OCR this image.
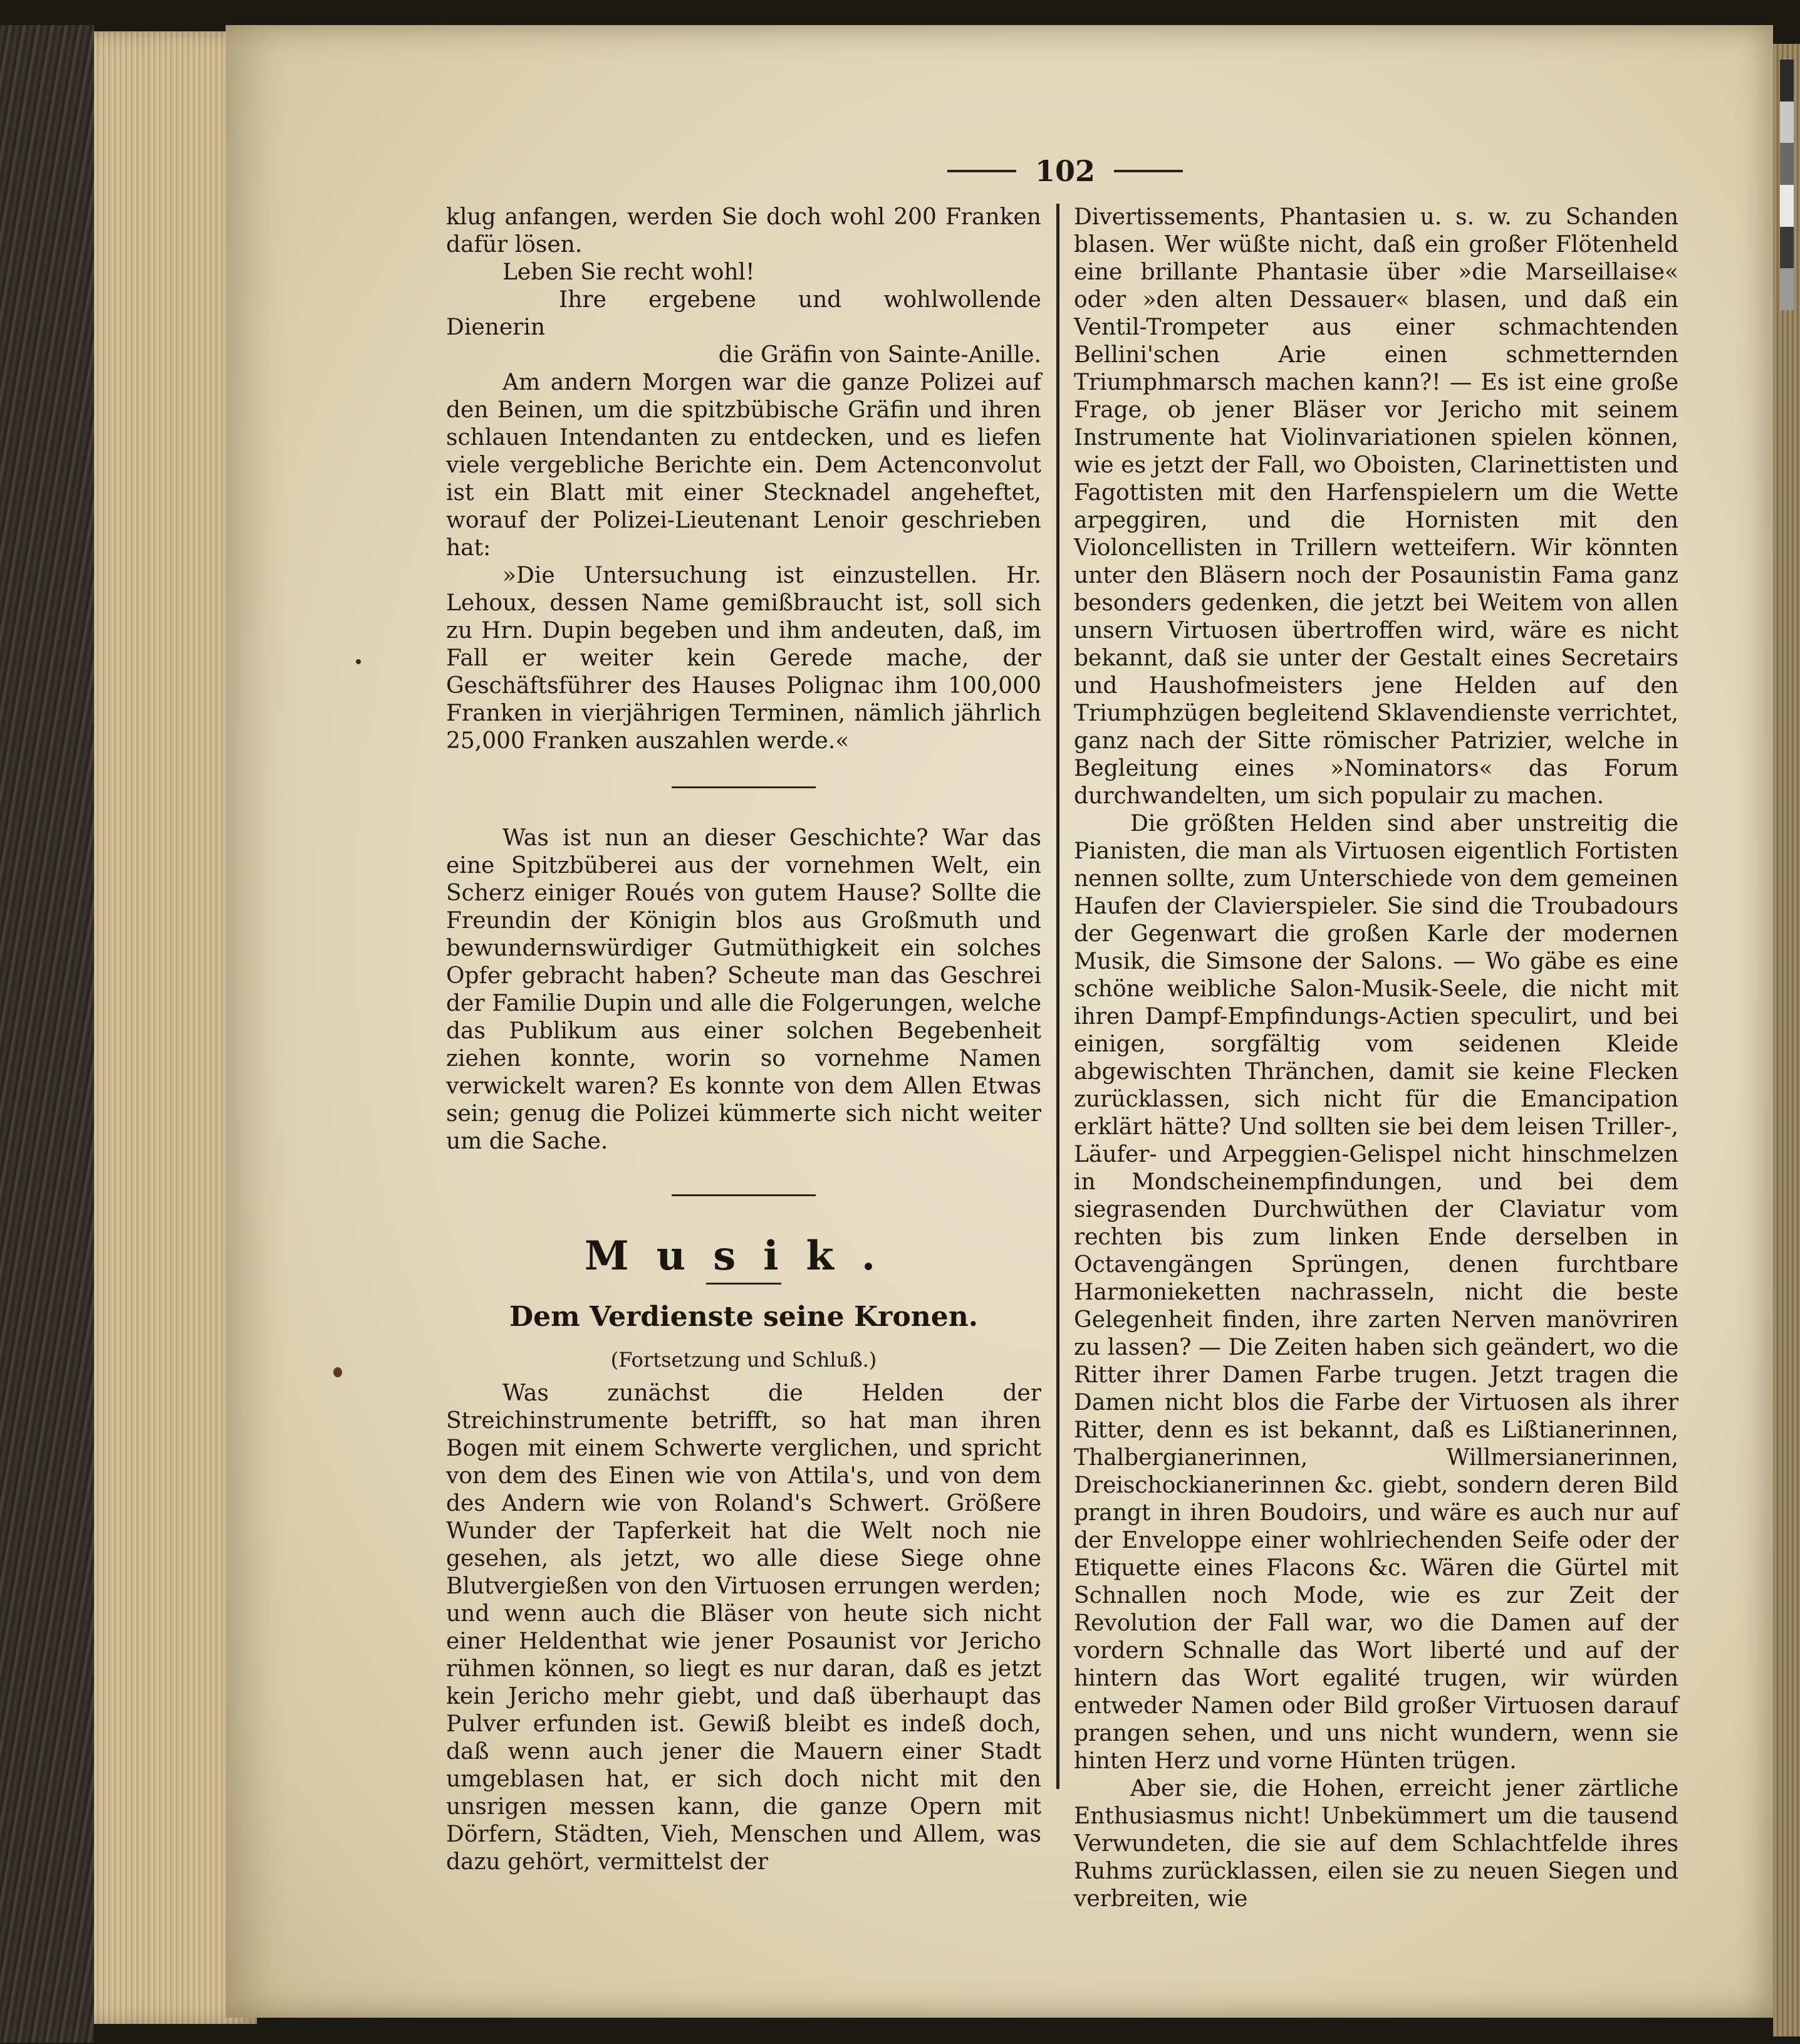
102

klug anfangen, werden Sie doch wohl 200 Franken dafür lösen.

Leben Sie recht wohl!

Ihre ergebene und wohlwollende Dienerin

die Gräfin von Sainte-Anille.

Am andern Morgen war die ganze Polizei auf den Beinen, um die spitzbübische Gräfin und ihren schlauen Intendanten zu entdecken, und es liefen viele vergebliche Berichte ein. Dem Actenconvolut ist ein Blatt mit einer Stecknadel angeheftet, worauf der Polizei-Lieutenant Lenoir geschrieben hat:

»Die Untersuchung ist einzustellen. Hr. Lehoux, dessen Name gemißbraucht ist, soll sich zu Hrn. Dupin begeben und ihm andeuten, daß, im Fall er weiter kein Gerede mache, der Geschäftsführer des Hauses Polignac ihm 100,000 Franken in vierjährigen Terminen, nämlich jährlich 25,000 Franken auszahlen werde.«

Was ist nun an dieser Geschichte? War das eine Spitzbüberei aus der vornehmen Welt, ein Scherz einiger Roués von gutem Hause? Sollte die Freundin der Königin blos aus Großmuth und bewundernswürdiger Gutmüthigkeit ein solches Opfer gebracht haben? Scheute man das Geschrei der Familie Dupin und alle die Folgerungen, welche das Publikum aus einer solchen Begebenheit ziehen konnte, worin so vornehme Namen verwickelt waren? Es konnte von dem Allen Etwas sein; genug die Polizei kümmerte sich nicht weiter um die Sache.

Musik.
Dem Verdienste seine Kronen.
(Fortsetzung und Schluß.)

Was zunächst die Helden der Streichinstrumente betrifft, so hat man ihren Bogen mit einem Schwerte verglichen, und spricht von dem des Einen wie von Attila's, und von dem des Andern wie von Roland's Schwert. Größere Wunder der Tapferkeit hat die Welt noch nie gesehen, als jetzt, wo alle diese Siege ohne Blutvergießen von den Virtuosen errungen werden; und wenn auch die Bläser von heute sich nicht einer Heldenthat wie jener Posaunist vor Jericho rühmen können, so liegt es nur daran, daß es jetzt kein Jericho mehr giebt, und daß überhaupt das Pulver erfunden ist. Gewiß bleibt es indeß doch, daß wenn auch jener die Mauern einer Stadt umgeblasen hat, er sich doch nicht mit den unsrigen messen kann, die ganze Opern mit Dörfern, Städten, Vieh, Menschen und Allem, was dazu gehört, vermittelst der

Divertissements, Phantasien u. s. w. zu Schanden blasen. Wer wüßte nicht, daß ein großer Flötenheld eine brillante Phantasie über »die Marseillaise« oder »den alten Dessauer« blasen, und daß ein Ventil-Trompeter aus einer schmachtenden Bellini'schen Arie einen schmetternden Triumphmarsch machen kann?! — Es ist eine große Frage, ob jener Bläser vor Jericho mit seinem Instrumente hat Violinvariationen spielen können, wie es jetzt der Fall, wo Oboisten, Clarinettisten und Fagottisten mit den Harfenspielern um die Wette arpeggiren, und die Hornisten mit den Violoncellisten in Trillern wetteifern. Wir könnten unter den Bläsern noch der Posaunistin Fama ganz besonders gedenken, die jetzt bei Weitem von allen unsern Virtuosen übertroffen wird, wäre es nicht bekannt, daß sie unter der Gestalt eines Secretairs und Haushofmeisters jene Helden auf den Triumphzügen begleitend Sklavendienste verrichtet, ganz nach der Sitte römischer Patrizier, welche in Begleitung eines »Nominators« das Forum durchwandelten, um sich populair zu machen.

Die größten Helden sind aber unstreitig die Pianisten, die man als Virtuosen eigentlich Fortisten nennen sollte, zum Unterschiede von dem gemeinen Haufen der Clavierspieler. Sie sind die Troubadours der Gegenwart die großen Karle der modernen Musik, die Simsone der Salons. — Wo gäbe es eine schöne weibliche Salon-Musik-Seele, die nicht mit ihren Dampf-Empfindungs-Actien speculirt, und bei einigen, sorgfältig vom seidenen Kleide abgewischten Thränchen, damit sie keine Flecken zurücklassen, sich nicht für die Emancipation erklärt hätte? Und sollten sie bei dem leisen Triller-, Läufer- und Arpeggien-Gelispel nicht hinschmelzen in Mondscheinempfindungen, und bei dem siegrasenden Durchwüthen der Claviatur vom rechten bis zum linken Ende derselben in Octavengängen Sprüngen, denen furchtbare Harmonieketten nachrasseln, nicht die beste Gelegenheit finden, ihre zarten Nerven manövriren zu lassen? — Die Zeiten haben sich geändert, wo die Ritter ihrer Damen Farbe trugen. Jetzt tragen die Damen nicht blos die Farbe der Virtuosen als ihrer Ritter, denn es ist bekannt, daß es Lißtianerinnen, Thalbergianerinnen, Willmersianerinnen, Dreischockianerinnen &c. giebt, sondern deren Bild prangt in ihren Boudoirs, und wäre es auch nur auf der Enveloppe einer wohlriechenden Seife oder der Etiquette eines Flacons &c. Wären die Gürtel mit Schnallen noch Mode, wie es zur Zeit der Revolution der Fall war, wo die Damen auf der vordern Schnalle das Wort liberté und auf der hintern das Wort egalité trugen, wir würden entweder Namen oder Bild großer Virtuosen darauf prangen sehen, und uns nicht wundern, wenn sie hinten Herz und vorne Hünten trügen.

Aber sie, die Hohen, erreicht jener zärtliche Enthusiasmus nicht! Unbekümmert um die tausend Verwundeten, die sie auf dem Schlachtfelde ihres Ruhms zurücklassen, eilen sie zu neuen Siegen und verbreiten, wie
